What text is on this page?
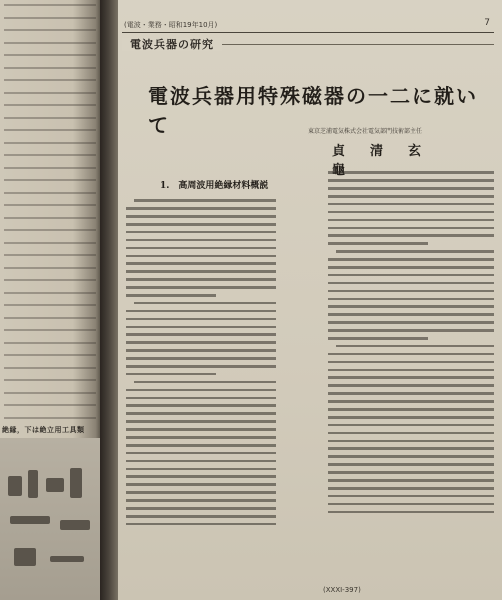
絶縁，下は絶立用工具類
(電波・業務・昭和19年10月)	7
電波兵器の研究
電波兵器用特殊磁器の一二に就いて	東京芝浦電気株式会社電気部門技術部主任
貞　清　玄　
1.　高周波用絶縁材料概説
(XXXI-397)
